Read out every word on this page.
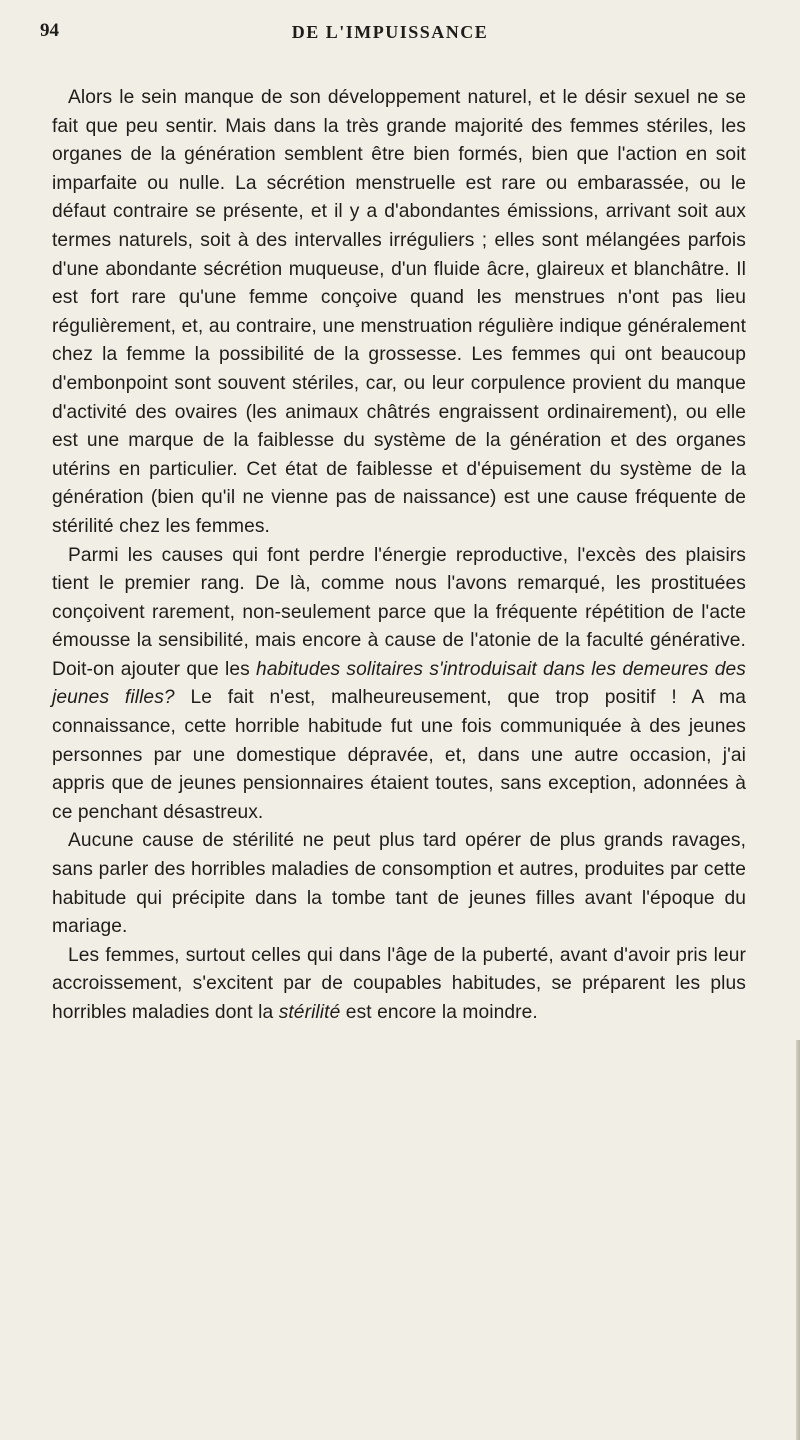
94	DE L'IMPUISSANCE

Alors le sein manque de son développement naturel, et le désir sexuel ne se fait que peu sentir. Mais dans la très grande majorité des femmes stériles, les organes de la génération semblent être bien formés, bien que l'action en soit imparfaite ou nulle. La sécrétion menstruelle est rare ou embarassée, ou le défaut contraire se présente, et il y a d'abondantes émissions, arrivant soit aux termes naturels, soit à des intervalles irréguliers ; elles sont mélangées parfois d'une abondante sécrétion muqueuse, d'un fluide âcre, glaireux et blanchâtre. Il est fort rare qu'une femme conçoive quand les menstrues n'ont pas lieu régulièrement, et, au contraire, une menstruation régulière indique généralement chez la femme la possibilité de la grossesse. Les femmes qui ont beaucoup d'embonpoint sont souvent stériles, car, ou leur corpulence provient du manque d'activité des ovaires (les animaux châtrés engraissent ordinairement), ou elle est une marque de la faiblesse du système de la génération et des organes utérins en particulier. Cet état de faiblesse et d'épuisement du système de la génération (bien qu'il ne vienne pas de naissance) est une cause fréquente de stérilité chez les femmes.

Parmi les causes qui font perdre l'énergie reproductive, l'excès des plaisirs tient le premier rang. De là, comme nous l'avons remarqué, les prostituées conçoivent rarement, non-seulement parce que la fréquente répétition de l'acte émousse la sensibilité, mais encore à cause de l'atonie de la faculté générative. Doit-on ajouter que les habitudes solitaires s'introduisait dans les demeures des jeunes filles? Le fait n'est, malheureusement, que trop positif ! A ma connaissance, cette horrible habitude fut une fois communiquée à des jeunes personnes par une domestique dépravée, et, dans une autre occasion, j'ai appris que de jeunes pensionnaires étaient toutes, sans exception, adonnées à ce penchant désastreux.

Aucune cause de stérilité ne peut plus tard opérer de plus grands ravages, sans parler des horribles maladies de consomption et autres, produites par cette habitude qui précipite dans la tombe tant de jeunes filles avant l'époque du mariage.

Les femmes, surtout celles qui dans l'âge de la puberté, avant d'avoir pris leur accroissement, s'excitent par de coupables habitudes, se préparent les plus horribles maladies dont la stérilité est encore la moindre.
